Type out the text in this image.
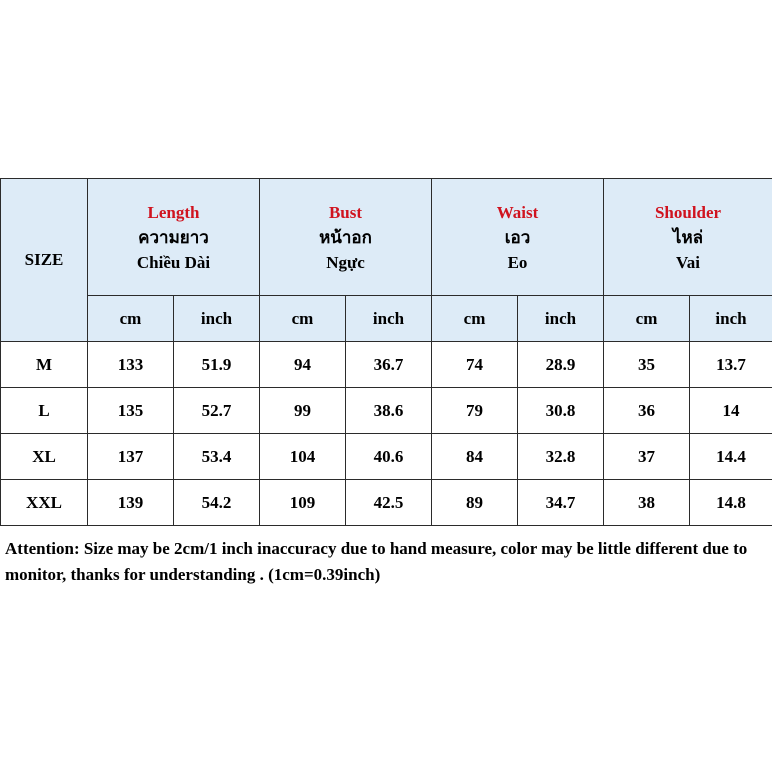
SIZE	Length
ความยาว
Chiều Dài		Bust
หน้าอก
Ngực		Waist
เอว
Eo		Shoulder
ไหล่
Vai	

	cm	inch	cm	inch	cm	inch	cm	inch
M	133	51.9	94	36.7	74	28.9	35	13.7
L	135	52.7	99	38.6	79	30.8	36	14
XL	137	53.4	104	40.6	84	32.8	37	14.4
XXL	139	54.2	109	42.5	89	34.7	38	14.8

Attention: Size may be 2cm/1 inch inaccuracy due to hand measure, color may be little different due to monitor, thanks for understanding . (1cm=0.39inch)
